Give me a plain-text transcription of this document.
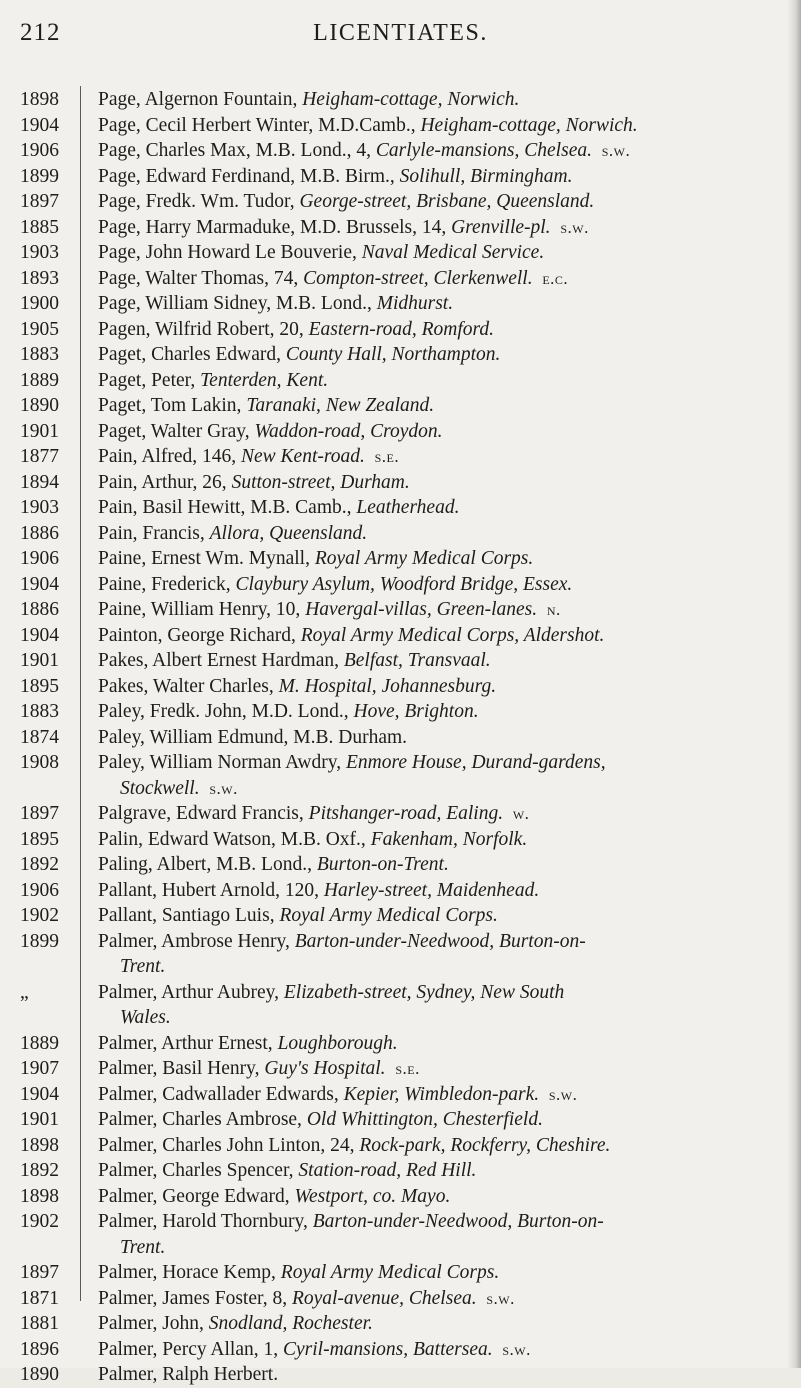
212	LICENTIATES.
1898	Page, Algernon Fountain, Heigham-cottage, Norwich.
1904	Page, Cecil Herbert Winter, M.D.Camb., Heigham-cottage, Norwich.
1906	Page, Charles Max, M.B. Lond., 4, Carlyle-mansions, Chelsea. s.w.
1899	Page, Edward Ferdinand, M.B. Birm., Solihull, Birmingham.
1897	Page, Fredk. Wm. Tudor, George-street, Brisbane, Queensland.
1885	Page, Harry Marmaduke, M.D. Brussels, 14, Grenville-pl. s.w.
1903	Page, John Howard Le Bouverie, Naval Medical Service.
1893	Page, Walter Thomas, 74, Compton-street, Clerkenwell. e.c.
1900	Page, William Sidney, M.B. Lond., Midhurst.
1905	Pagen, Wilfrid Robert, 20, Eastern-road, Romford.
1883	Paget, Charles Edward, County Hall, Northampton.
1889	Paget, Peter, Tenterden, Kent.
1890	Paget, Tom Lakin, Taranaki, New Zealand.
1901	Paget, Walter Gray, Waddon-road, Croydon.
1877	Pain, Alfred, 146, New Kent-road. s.e.
1894	Pain, Arthur, 26, Sutton-street, Durham.
1903	Pain, Basil Hewitt, M.B. Camb., Leatherhead.
1886	Pain, Francis, Allora, Queensland.
1906	Paine, Ernest Wm. Mynall, Royal Army Medical Corps.
1904	Paine, Frederick, Claybury Asylum, Woodford Bridge, Essex.
1886	Paine, William Henry, 10, Havergal-villas, Green-lanes. n.
1904	Painton, George Richard, Royal Army Medical Corps, Aldershot.
1901	Pakes, Albert Ernest Hardman, Belfast, Transvaal.
1895	Pakes, Walter Charles, M. Hospital, Johannesburg.
1883	Paley, Fredk. John, M.D. Lond., Hove, Brighton.
1874	Paley, William Edmund, M.B. Durham.
1908	Paley, William Norman Awdry, Enmore House, Durand-gardens,
Stockwell. s.w.
1897	Palgrave, Edward Francis, Pitshanger-road, Ealing. w.
1895	Palin, Edward Watson, M.B. Oxf., Fakenham, Norfolk.
1892	Paling, Albert, M.B. Lond., Burton-on-Trent.
1906	Pallant, Hubert Arnold, 120, Harley-street, Maidenhead.
1902	Pallant, Santiago Luis, Royal Army Medical Corps.
1899	Palmer, Ambrose Henry, Barton-under-Needwood, Burton-on-
Trent.
„	Palmer, Arthur Aubrey, Elizabeth-street, Sydney, New South
Wales.
1889	Palmer, Arthur Ernest, Loughborough.
1907	Palmer, Basil Henry, Guy's Hospital. s.e.
1904	Palmer, Cadwallader Edwards, Kepier, Wimbledon-park. s.w.
1901	Palmer, Charles Ambrose, Old Whittington, Chesterfield.
1898	Palmer, Charles John Linton, 24, Rock-park, Rockferry, Cheshire.
1892	Palmer, Charles Spencer, Station-road, Red Hill.
1898	Palmer, George Edward, Westport, co. Mayo.
1902	Palmer, Harold Thornbury, Barton-under-Needwood, Burton-on-
Trent.
1897	Palmer, Horace Kemp, Royal Army Medical Corps.
1871	Palmer, James Foster, 8, Royal-avenue, Chelsea. s.w.
1881	Palmer, John, Snodland, Rochester.
1896	Palmer, Percy Allan, 1, Cyril-mansions, Battersea. s.w.
1890	Palmer, Ralph Herbert.
